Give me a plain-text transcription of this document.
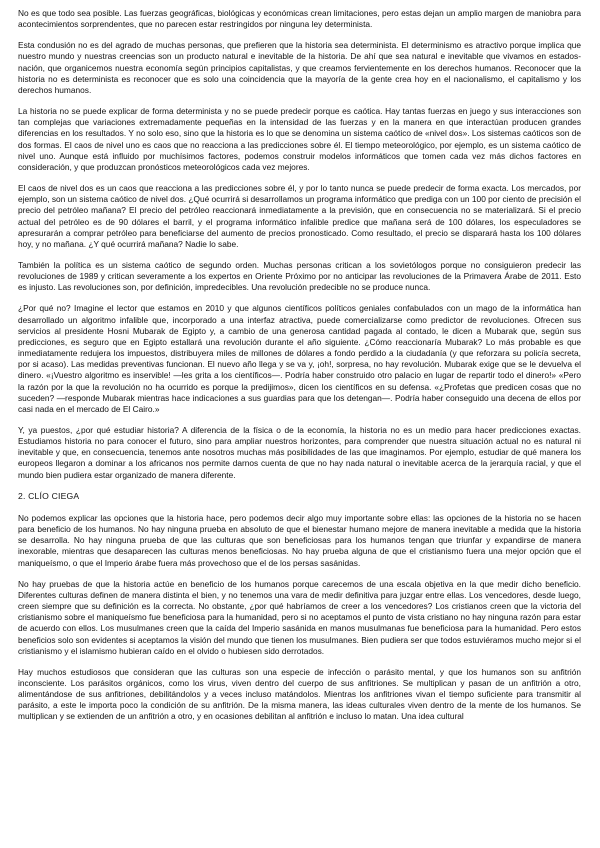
No es que todo sea posible. Las fuerzas geográficas, biológicas y económicas crean limitaciones, pero estas dejan un amplio margen de maniobra para acontecimientos sorprendentes, que no parecen estar restringidos por ninguna ley determinista.

Esta condusión no es del agrado de muchas personas, que prefieren que la historia sea determinista. El determinismo es atractivo porque implica que nuestro mundo y nuestras creencias son un producto natural e inevitable de la historia. De ahí que sea natural e inevitable que vivamos en estados-nación, que organicemos nuestra economía según principios capitalistas, y que creamos fervientemente en los derechos humanos. Reconocer que la historia no es determinista es reconocer que es solo una coincidencia que la mayoría de la gente crea hoy en el nacionalismo, el capitalismo y los derechos humanos.

La historia no se puede explicar de forma determinista y no se puede predecir porque es caótica. Hay tantas fuerzas en juego y sus interacciones son tan complejas que variaciones extremadamente pequeñas en la intensidad de las fuerzas y en la manera en que interactúan producen grandes diferencias en los resultados. Y no solo eso, sino que la historia es lo que se denomina un sistema caótico de «nivel dos». Los sistemas caóticos son de dos formas. El caos de nivel uno es caos que no reacciona a las predicciones sobre él. El tiempo meteorológico, por ejemplo, es un sistema caótico de nivel uno. Aunque está influido por muchísimos factores, podemos construir modelos informáticos que tomen cada vez más dichos factores en consideración, y que produzcan pronósticos meteorológicos cada vez mejores.

El caos de nivel dos es un caos que reacciona a las predicciones sobre él, y por lo tanto nunca se puede predecir de forma exacta. Los mercados, por ejemplo, son un sistema caótico de nivel dos. ¿Qué ocurrirá si desarrollamos un programa informático que prediga con un 100 por ciento de precisión el precio del petróleo mañana? El precio del petróleo reaccionará inmediatamente a la previsión, que en consecuencia no se materializará. Si el precio actual del petróleo es de 90 dólares el barril, y el programa informático infalible predice que mañana será de 100 dólares, los especuladores se apresurarán a comprar petróleo para beneficiarse del aumento de precios pronosticado. Como resultado, el precio se disparará hasta los 100 dólares hoy, y no mañana. ¿Y qué ocurrirá mañana? Nadie lo sabe.

También la política es un sistema caótico de segundo orden. Muchas personas critican a los sovietólogos porque no consiguieron predecir las revoluciones de 1989 y critican severamente a los expertos en Oriente Próximo por no anticipar las revoluciones de la Primavera Árabe de 2011. Esto es injusto. Las revoluciones son, por definición, impredecibles. Una revolución predecible no se produce nunca.

¿Por qué no? Imagine el lector que estamos en 2010 y que algunos científicos políticos geniales confabulados con un mago de la informática han desarrollado un algoritmo infalible que, incorporado a una interfaz atractiva, puede comercializarse como predictor de revoluciones. Ofrecen sus servicios al presidente Hosni Mubarak de Egipto y, a cambio de una generosa cantidad pagada al contado, le dicen a Mubarak que, según sus predicciones, es seguro que en Egipto estallará una revolución durante el año siguiente. ¿Cómo reaccionaría Mubarak? Lo más probable es que inmediatamente redujera los impuestos, distribuyera miles de millones de dólares a fondo perdido a la ciudadanía (y que reforzara su policía secreta, por si acaso). Las medidas preventivas funcionan. El nuevo año llega y se va y, ¡oh!, sorpresa, no hay revolución. Mubarak exige que se le devuelva el dinero. «¡Vuestro algoritmo es inservible! —les grita a los científicos—. Podría haber construido otro palacio en lugar de repartir todo el dinero!» «Pero la razón por la que la revolución no ha ocurrido es porque la predijimos», dicen los científicos en su defensa. «¿Profetas que predicen cosas que no suceden? —responde Mubarak mientras hace indicaciones a sus guardias para que los detengan—. Podría haber conseguido una decena de ellos por casi nada en el mercado de El Cairo.»

Y, ya puestos, ¿por qué estudiar historia? A diferencia de la física o de la economía, la historia no es un medio para hacer predicciones exactas. Estudiamos historia no para conocer el futuro, sino para ampliar nuestros horizontes, para comprender que nuestra situación actual no es natural ni inevitable y que, en consecuencia, tenemos ante nosotros muchas más posibilidades de las que imaginamos. Por ejemplo, estudiar de qué manera los europeos llegaron a dominar a los africanos nos permite darnos cuenta de que no hay nada natural o inevitable acerca de la jerarquía racial, y que el mundo bien pudiera estar organizado de manera diferente.

2. CLÍO CIEGA

No podemos explicar las opciones que la historia hace, pero podemos decir algo muy importante sobre ellas: las opciones de la historia no se hacen para beneficio de los humanos. No hay ninguna prueba en absoluto de que el bienestar humano mejore de manera inevitable a medida que la historia se desarrolla. No hay ninguna prueba de que las culturas que son beneficiosas para los humanos tengan que triunfar y expandirse de manera inexorable, mientras que desaparecen las culturas menos beneficiosas. No hay prueba alguna de que el cristianismo fuera una mejor opción que el maniqueísmo, o que el Imperio árabe fuera más provechoso que el de los persas sasánidas.

No hay pruebas de que la historia actúe en beneficio de los humanos porque carecemos de una escala objetiva en la que medir dicho beneficio. Diferentes culturas definen de manera distinta el bien, y no tenemos una vara de medir definitiva para juzgar entre ellas. Los vencedores, desde luego, creen siempre que su definición es la correcta. No obstante, ¿por qué habríamos de creer a los vencedores? Los cristianos creen que la victoria del cristianismo sobre el maniqueísmo fue beneficiosa para la humanidad, pero si no aceptamos el punto de vista cristiano no hay ninguna razón para estar de acuerdo con ellos. Los musulmanes creen que la caída del Imperio sasánida en manos musulmanas fue beneficiosa para la humanidad. Pero estos beneficios solo son evidentes si aceptamos la visión del mundo que tienen los musulmanes. Bien pudiera ser que todos estuviéramos mucho mejor si el cristianismo y el islamismo hubieran caído en el olvido o hubiesen sido derrotados.

Hay muchos estudiosos que consideran que las culturas son una especie de infección o parásito mental, y que los humanos son su anfitrión inconsciente. Los parásitos orgánicos, como los virus, viven dentro del cuerpo de sus anfitriones. Se multiplican y pasan de un anfitrión a otro, alimentándose de sus anfitriones, debilitándolos y a veces incluso matándolos. Mientras los anfitriones vivan el tiempo suficiente para transmitir al parásito, a este le importa poco la condición de su anfitrión. De la misma manera, las ideas culturales viven dentro de la mente de los humanos. Se multiplican y se extienden de un anfitrión a otro, y en ocasiones debilitan al anfitrión e incluso lo matan. Una idea cultural
